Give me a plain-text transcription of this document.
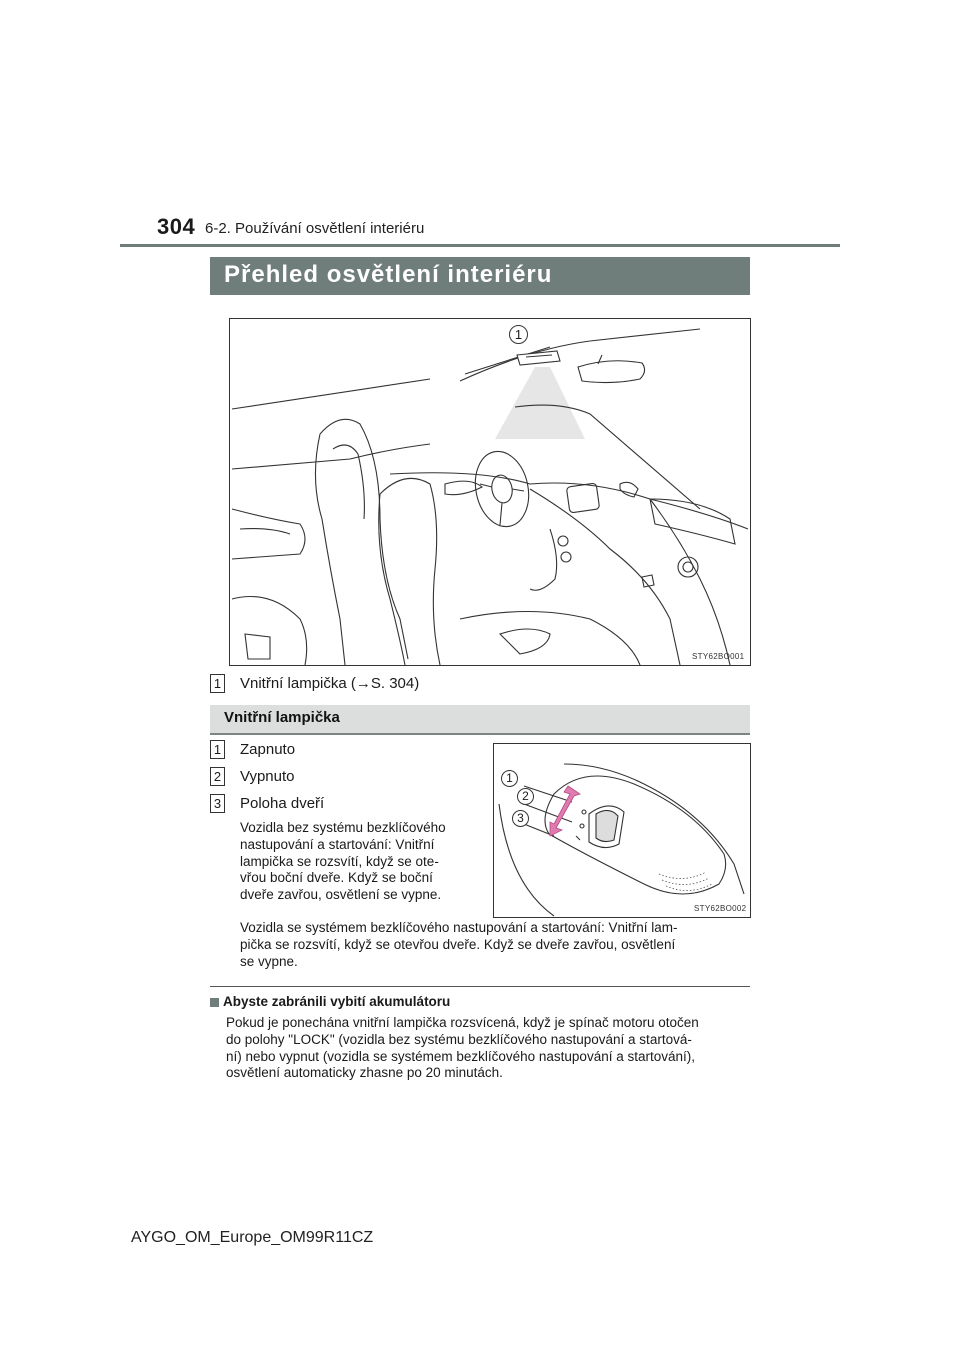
304 6-2. Používání osvětlení interiéru
Přehled osvětlení interiéru
1
STY62BO001
1 Vnitřní lampička (→S. 304)
Vnitřní lampička
1 Zapnuto
2 Vypnuto
3 Poloha dveří
Vozidla bez systému bezklíčového
nastupování a startování: Vnitřní
lampička se rozsvítí, když se ote-
vřou boční dveře. Když se boční
dveře zavřou, osvětlení se vypne.
1
2
3
STY62BO002
Vozidla se systémem bezklíčového nastupování a startování: Vnitřní lam-
pička se rozsvítí, když se otevřou dveře. Když se dveře zavřou, osvětlení
se vypne.
Abyste zabránili vybití akumulátoru
Pokud je ponechána vnitřní lampička rozsvícená, když je spínač motoru otočen
do polohy "LOCK" (vozidla bez systému bezklíčového nastupování a startová-
ní) nebo vypnut (vozidla se systémem bezklíčového nastupování a startování),
osvětlení automaticky zhasne po 20 minutách.
AYGO_OM_Europe_OM99R11CZ
